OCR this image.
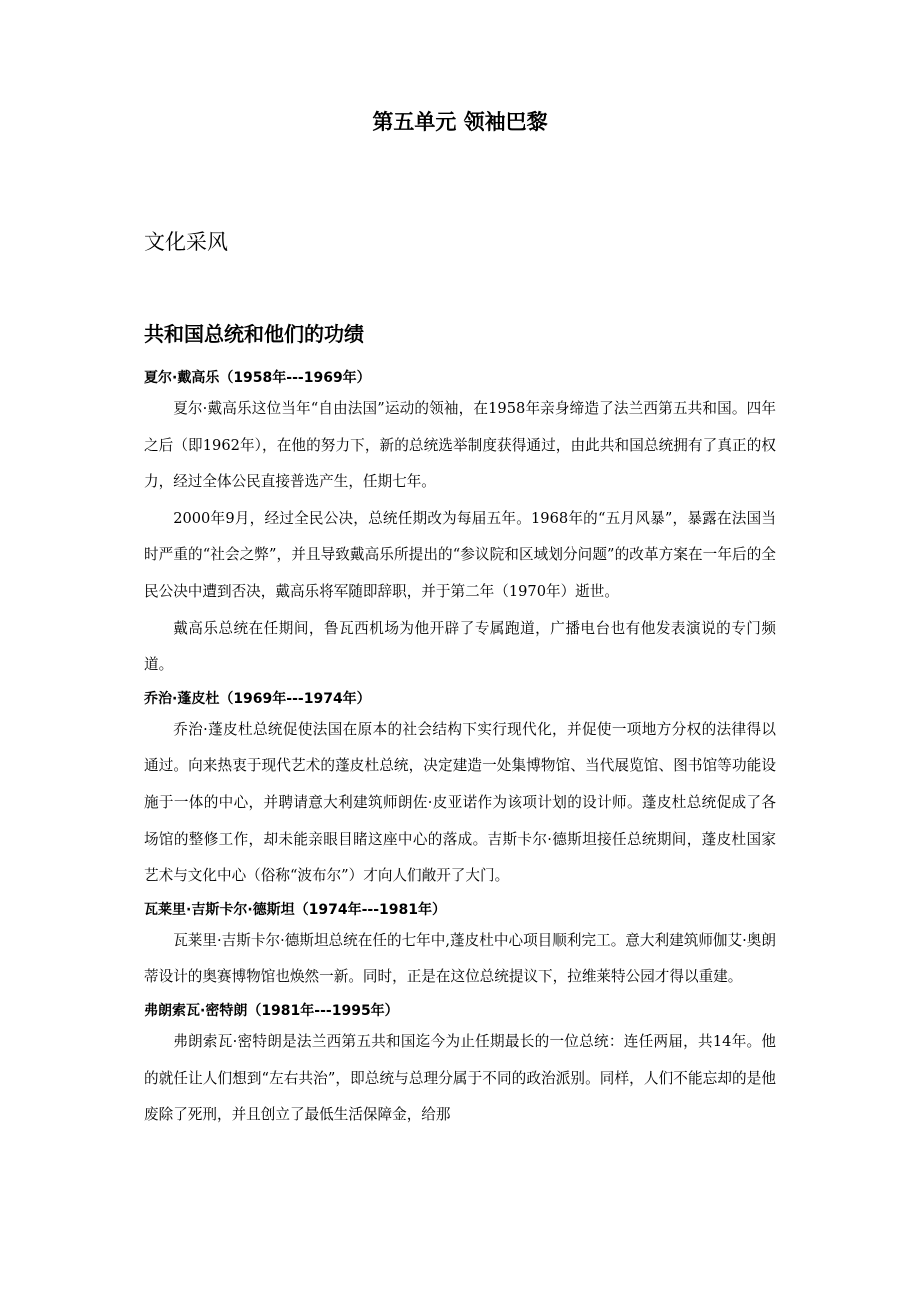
第五单元 领袖巴黎
文化采风
共和国总统和他们的功绩
夏尔·戴高乐（1958年---1969年）

夏尔·戴高乐这位当年“自由法国”运动的领袖，在1958年亲身缔造了法兰西第五共和国。四年之后（即1962年），在他的努力下，新的总统选举制度获得通过，由此共和国总统拥有了真正的权力，经过全体公民直接普选产生，任期七年。

2000年9月，经过全民公决，总统任期改为每届五年。1968年的“五月风暴”，暴露在法国当时严重的“社会之弊”，并且导致戴高乐所提出的“参议院和区域划分问题”的改革方案在一年后的全民公决中遭到否决，戴高乐将军随即辞职，并于第二年（1970年）逝世。

戴高乐总统在任期间，鲁瓦西机场为他开辟了专属跑道，广播电台也有他发表演说的专门频道。

乔治·蓬皮杜（1969年---1974年）

乔治·蓬皮杜总统促使法国在原本的社会结构下实行现代化，并促使一项地方分权的法律得以通过。向来热衷于现代艺术的蓬皮杜总统，决定建造一处集博物馆、当代展览馆、图书馆等功能设施于一体的中心，并聘请意大利建筑师朗佐·皮亚诺作为该项计划的设计师。蓬皮杜总统促成了各场馆的整修工作，却未能亲眼目睹这座中心的落成。吉斯卡尔·德斯坦接任总统期间，蓬皮杜国家艺术与文化中心（俗称“波布尔”）才向人们敞开了大门。

瓦莱里·吉斯卡尔·德斯坦（1974年---1981年）

瓦莱里·吉斯卡尔·德斯坦总统在任的七年中,蓬皮杜中心项目顺利完工。意大利建筑师伽艾·奥朗蒂设计的奥赛博物馆也焕然一新。同时，正是在这位总统提议下，拉维莱特公园才得以重建。

弗朗索瓦·密特朗（1981年---1995年）

弗朗索瓦·密特朗是法兰西第五共和国迄今为止任期最长的一位总统：连任两届，共14年。他的就任让人们想到“左右共治”，即总统与总理分属于不同的政治派别。同样，人们不能忘却的是他废除了死刑，并且创立了最低生活保障金，给那
